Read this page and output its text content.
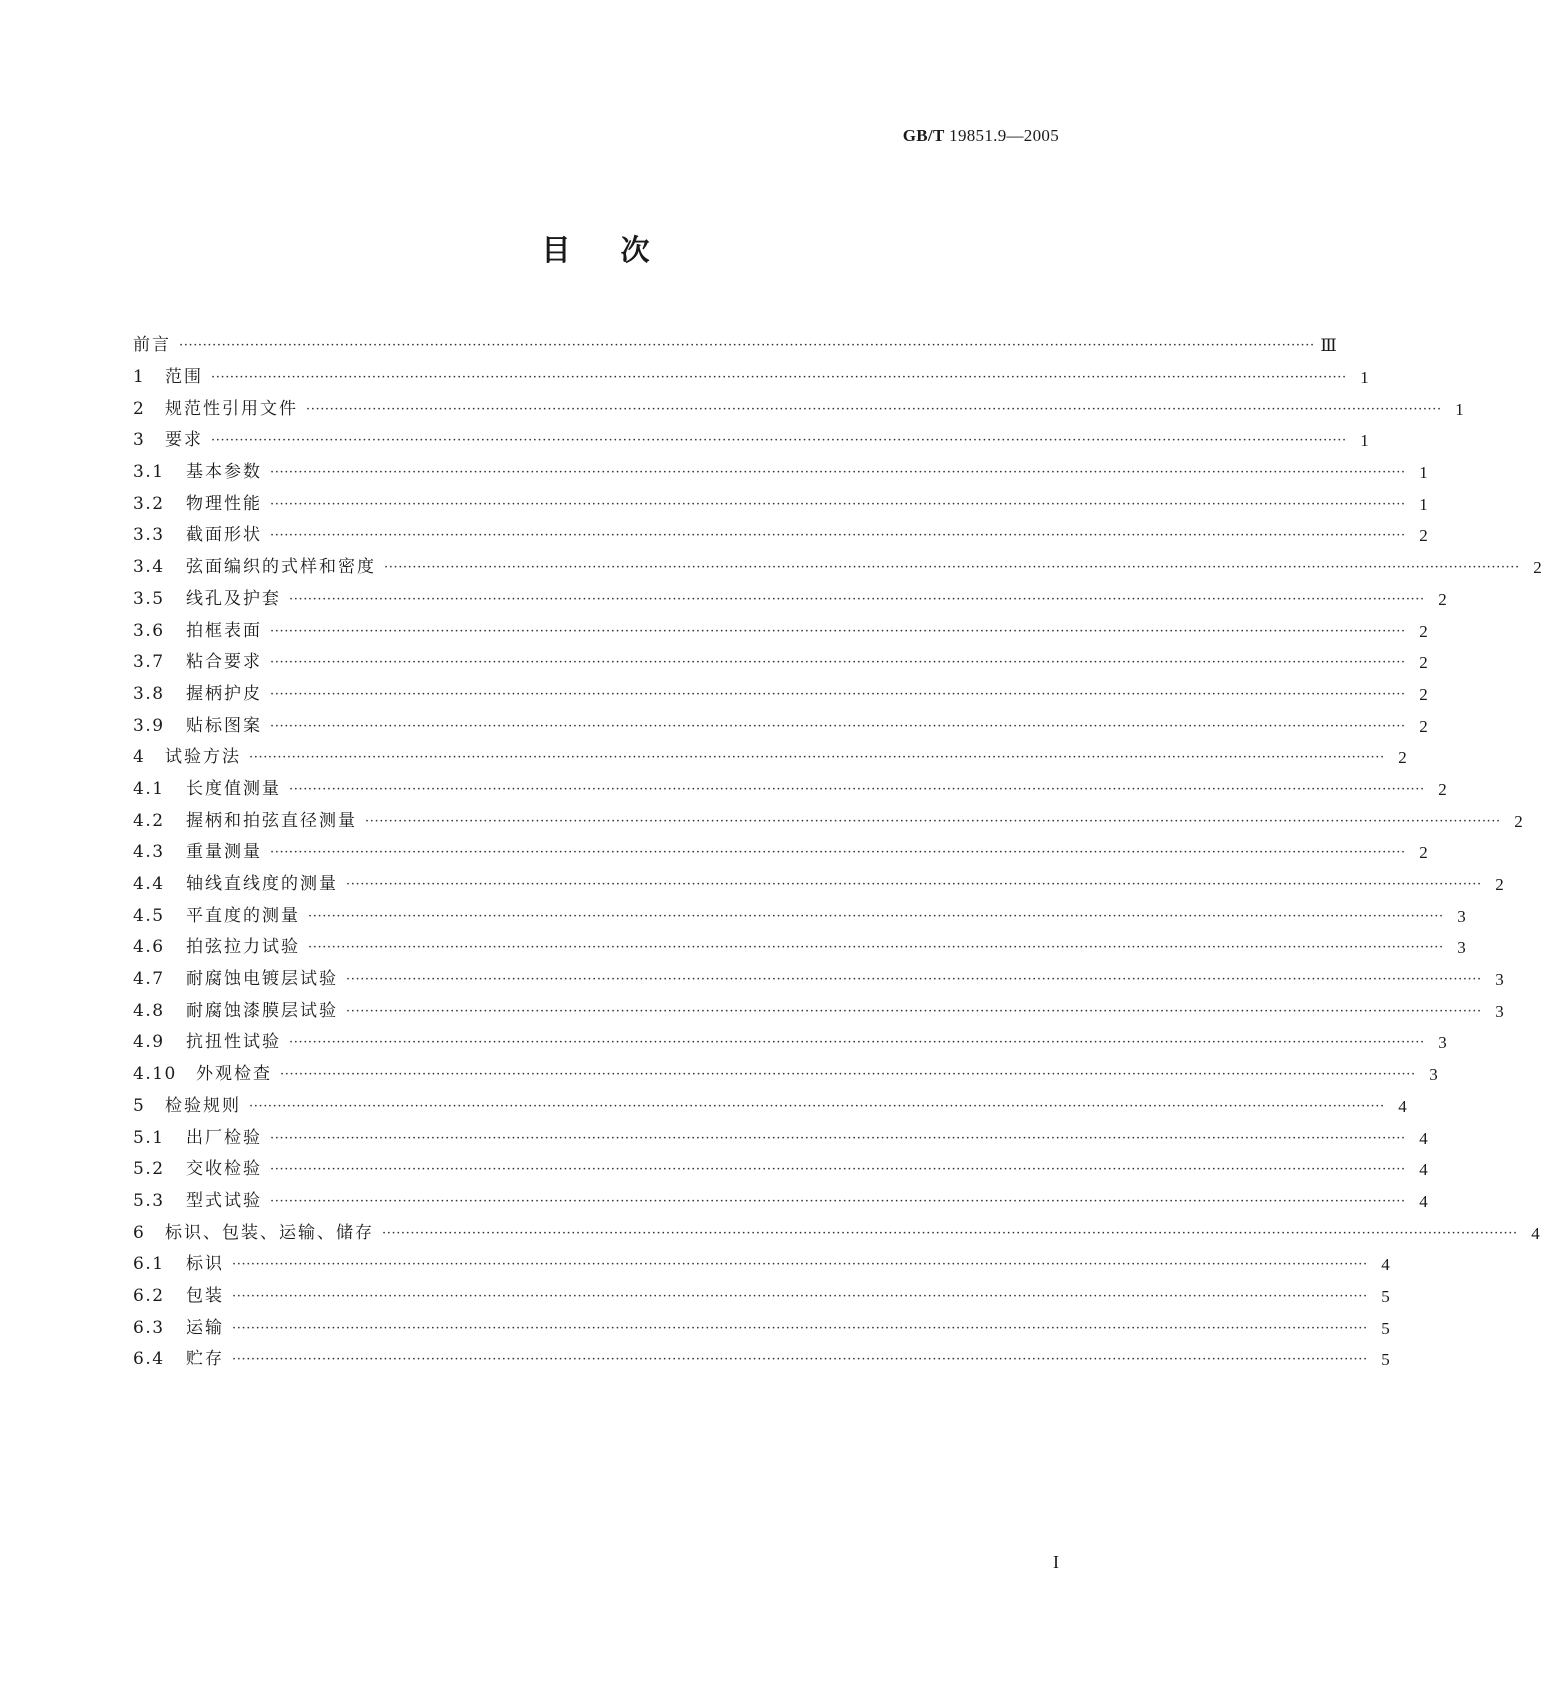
GB/T 19851.9—2005
目次
前言 ················································································································································································································································ Ⅲ
1	范围 ················································································································································································································································ 1
2	规范性引用文件 ················································································································································································································································ 1
3	要求 ················································································································································································································································ 1
3.1	基本参数 ················································································································································································································································ 1
3.2	物理性能 ················································································································································································································································ 1
3.3	截面形状 ················································································································································································································································ 2
3.4	弦面编织的式样和密度 ················································································································································································································································ 2
3.5	线孔及护套 ················································································································································································································································ 2
3.6	拍框表面 ················································································································································································································································ 2
3.7	粘合要求 ················································································································································································································································ 2
3.8	握柄护皮 ················································································································································································································································ 2
3.9	贴标图案 ················································································································································································································································ 2
4	试验方法 ················································································································································································································································ 2
4.1	长度值测量 ················································································································································································································································ 2
4.2	握柄和拍弦直径测量 ················································································································································································································································ 2
4.3	重量测量 ················································································································································································································································ 2
4.4	轴线直线度的测量 ················································································································································································································································ 2
4.5	平直度的测量 ················································································································································································································································ 3
4.6	拍弦拉力试验 ················································································································································································································································ 3
4.7	耐腐蚀电镀层试验 ················································································································································································································································ 3
4.8	耐腐蚀漆膜层试验 ················································································································································································································································ 3
4.9	抗扭性试验 ················································································································································································································································ 3
4.10	外观检查 ················································································································································································································································ 3
5	检验规则 ················································································································································································································································ 4
5.1	出厂检验 ················································································································································································································································ 4
5.2	交收检验 ················································································································································································································································ 4
5.3	型式试验 ················································································································································································································································ 4
6	标识、包装、运输、储存 ················································································································································································································································ 4
6.1	标识 ················································································································································································································································ 4
6.2	包装 ················································································································································································································································ 5
6.3	运输 ················································································································································································································································ 5
6.4	贮存 ················································································································································································································································ 5
I
